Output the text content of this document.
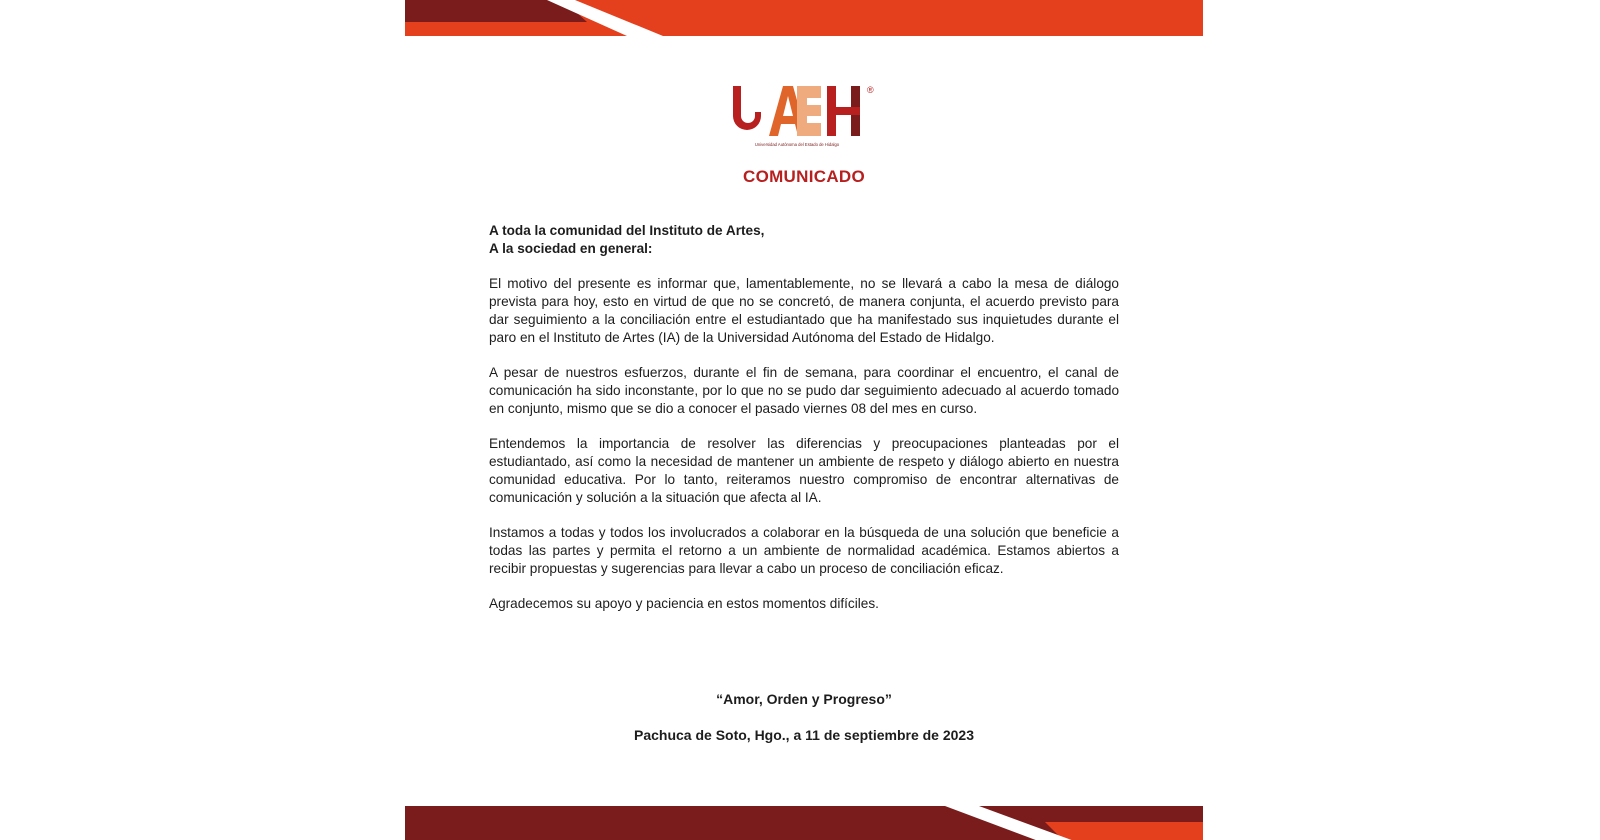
®
Universidad Autónoma del Estado de Hidalgo
COMUNICADO
A toda la comunidad del Instituto de Artes,
A la sociedad en general:

El motivo del presente es informar que, lamentablemente, no se llevará a cabo la mesa de diálogo prevista para hoy, esto en virtud de que no se concretó, de manera conjunta, el acuerdo previsto para dar seguimiento a la conciliación entre el estudiantado que ha manifestado sus inquietudes durante el paro en el Instituto de Artes (IA) de la Universidad Autónoma del Estado de Hidalgo.

A pesar de nuestros esfuerzos, durante el fin de semana, para coordinar el encuentro, el canal de comunicación ha sido inconstante, por lo que no se pudo dar seguimiento adecuado al acuerdo tomado en conjunto, mismo que se dio a conocer el pasado viernes 08 del mes en curso.

Entendemos la importancia de resolver las diferencias y preocupaciones planteadas por el estudiantado, así como la necesidad de mantener un ambiente de respeto y diálogo abierto en nuestra comunidad educativa. Por lo tanto, reiteramos nuestro compromiso de encontrar alternativas de comunicación y solución a la situación que afecta al IA.

Instamos a todas y todos los involucrados a colaborar en la búsqueda de una solución que beneficie a todas las partes y permita el retorno a un ambiente de normalidad académica. Estamos abiertos a recibir propuestas y sugerencias para llevar a cabo un proceso de conciliación eficaz.

Agradecemos su apoyo y paciencia en estos momentos difíciles.

“Amor, Orden y Progreso”
Pachuca de Soto, Hgo., a 11 de septiembre de 2023
